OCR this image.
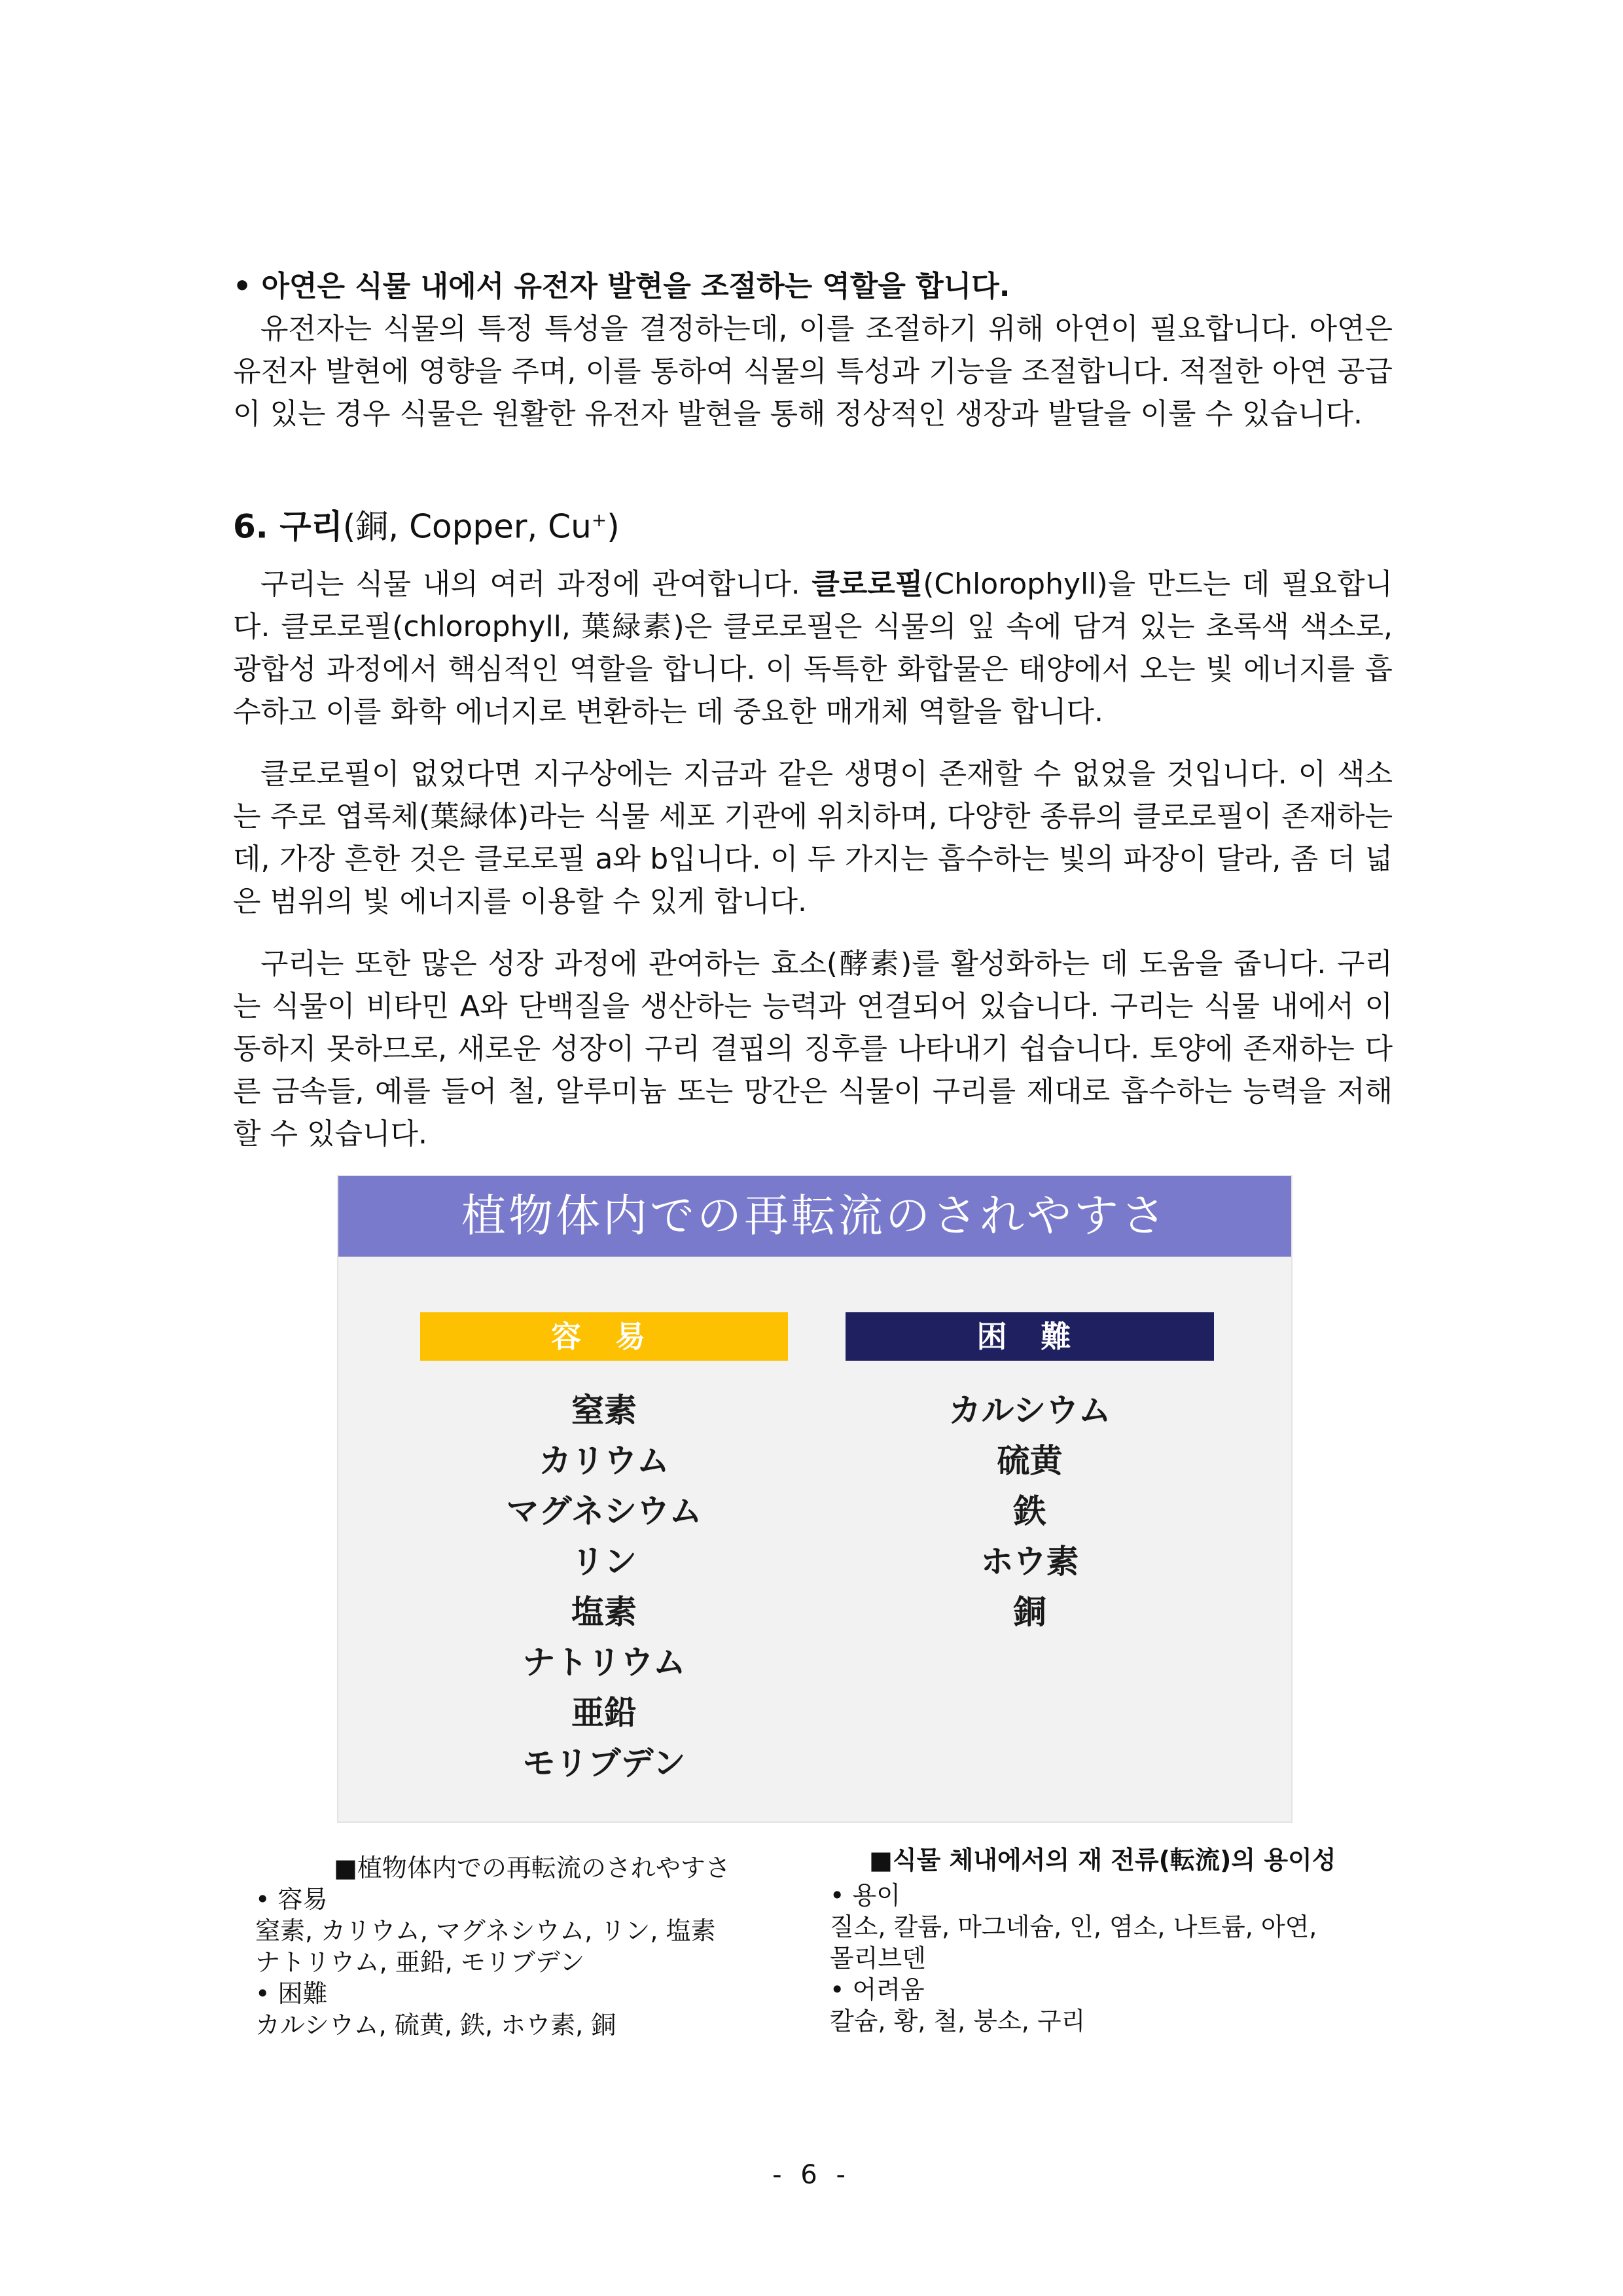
• 아연은 식물 내에서 유전자 발현을 조절하는 역할을 합니다.

유전자는 식물의 특정 특성을 결정하는데, 이를 조절하기 위해 아연이 필요합니다. 아연은 유전자 발현에 영향을 주며, 이를 통하여 식물의 특성과 기능을 조절합니다. 적절한 아연 공급이 있는 경우 식물은 원활한 유전자 발현을 통해 정상적인 생장과 발달을 이룰 수 있습니다.

6. 구리(銅, Copper, Cu+)

구리는 식물 내의 여러 과정에 관여합니다. 클로로필(Chlorophyll)을 만드는 데 필요합니다. 클로로필(chlorophyll, 葉緑素)은 클로로필은 식물의 잎 속에 담겨 있는 초록색 색소로, 광합성 과정에서 핵심적인 역할을 합니다. 이 독특한 화합물은 태양에서 오는 빛 에너지를 흡수하고 이를 화학 에너지로 변환하는 데 중요한 매개체 역할을 합니다.

클로로필이 없었다면 지구상에는 지금과 같은 생명이 존재할 수 없었을 것입니다. 이 색소는 주로 엽록체(葉緑体)라는 식물 세포 기관에 위치하며, 다양한 종류의 클로로필이 존재하는데, 가장 흔한 것은 클로로필 a와 b입니다. 이 두 가지는 흡수하는 빛의 파장이 달라, 좀 더 넓은 범위의 빛 에너지를 이용할 수 있게 합니다.

구리는 또한 많은 성장 과정에 관여하는 효소(酵素)를 활성화하는 데 도움을 줍니다. 구리는 식물이 비타민 A와 단백질을 생산하는 능력과 연결되어 있습니다. 구리는 식물 내에서 이동하지 못하므로, 새로운 성장이 구리 결핍의 징후를 나타내기 쉽습니다. 토양에 존재하는 다른 금속들, 예를 들어 철, 알루미늄 또는 망간은 식물이 구리를 제대로 흡수하는 능력을 저해할 수 있습니다.

植物体内での再転流のされやすさ
容 易	困 難
窒素
カリウム
マグネシウム
リン
塩素
ナトリウム
亜鉛
モリブデン
カルシウム
硫黄
鉄
ホウ素
銅

■植物体内での再転流のされやすさ

• 容易

窒素, カリウム, マグネシウム, リン, 塩素

ナトリウム, 亜鉛, モリブデン

• 困難

カルシウム, 硫黄, 鉄, ホウ素, 銅

■식물 체내에서의 재 전류(転流)의 용이성

• 용이

질소, 칼륨, 마그네슘, 인, 염소, 나트륨, 아연,

몰리브덴

• 어려움

칼슘, 황, 철, 붕소, 구리

- 6 -
